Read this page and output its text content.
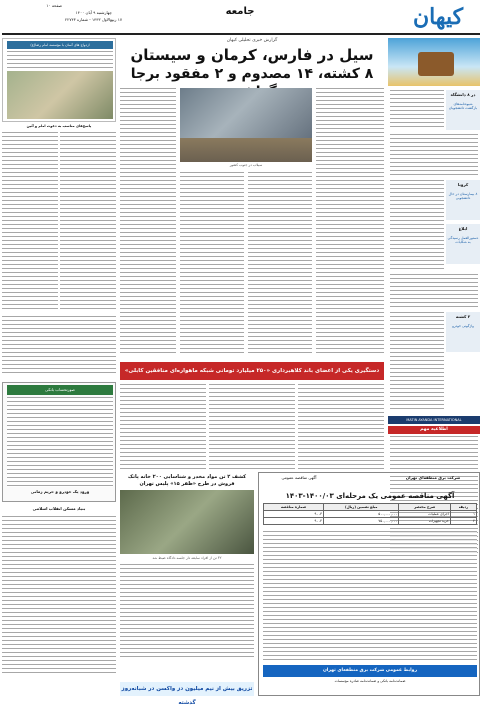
کیهان
جامعه
صفحه ۱۰
چهارشنبه ۹ آبان ۱۴۰۰
۱۷ ربیع‌الاول ۱۴۴۳ - شماره ۲۲۷۴۳
در ۸ دانشگاه
شیوه‌نامه‌های بازگشت دانشجویان
کرونا
۸ بیمارستان در حال دانشجویی
ابلاغ
دستورالعمل رسیدگی به شکایات
۲ کشته
واژگونی خودرو
MATIN AYANDA INTERNATIONAL
اطلاعیه مهم
گزارش خبری تحلیلی کیهان
سیل در فارس، کرمان و سیستان
۸ کشته، ۱۴ مصدوم و ۲ مفقود برجا
سیلاب در جنوب کشور
ازدواج های آسان با مؤسسه امام رضا(ع)
پاسخ‌های مناسب به دعوت امام و آئین
صورتحساب بانکی
ورود یک خودرو و حریم زمانی
بنیاد مسکن انقلاب اسلامی
دستگیری یکی از اعضای باند کلاهبرداری «۲۵۰ میلیارد تومانی شبکه ماهواره‌ای منافقین کابلی»
شرکت برق منطقه‌ای تهران
آگهی مناقصه عمومی
آگهی مناقصه عمومی یک مرحله‌ای ۱۴۰۰/۰۳-۱۴۰۳
ردیف	شرح مختصر	مبلغ تضمین (ریال)	شماره مناقصه
۱	اجرای عملیات	۵۰۰,۰۰۰,۰۰۰	۹۰۰۳
۲	خرید تجهیزات	۷۵۰,۰۰۰,۰۰۰	۹۰۰۴
روابط عمومی شرکت برق منطقه‌ای تهران
ضمانت‌نامه بانکی و ضمانت‌نامه صادره مؤسسات
کشف ۲ تن مواد مخدر و شناسایی ۲۰۰ خانه پاتک فروش در طرح «ظفر ۱۵» پلیس تهران
۳۲ تن از افراد سابقه دار جلسه دادگاه ضبط شد
تزریق بیش از نیم میلیون دز واکسن در شبانه‌روز گذشته
